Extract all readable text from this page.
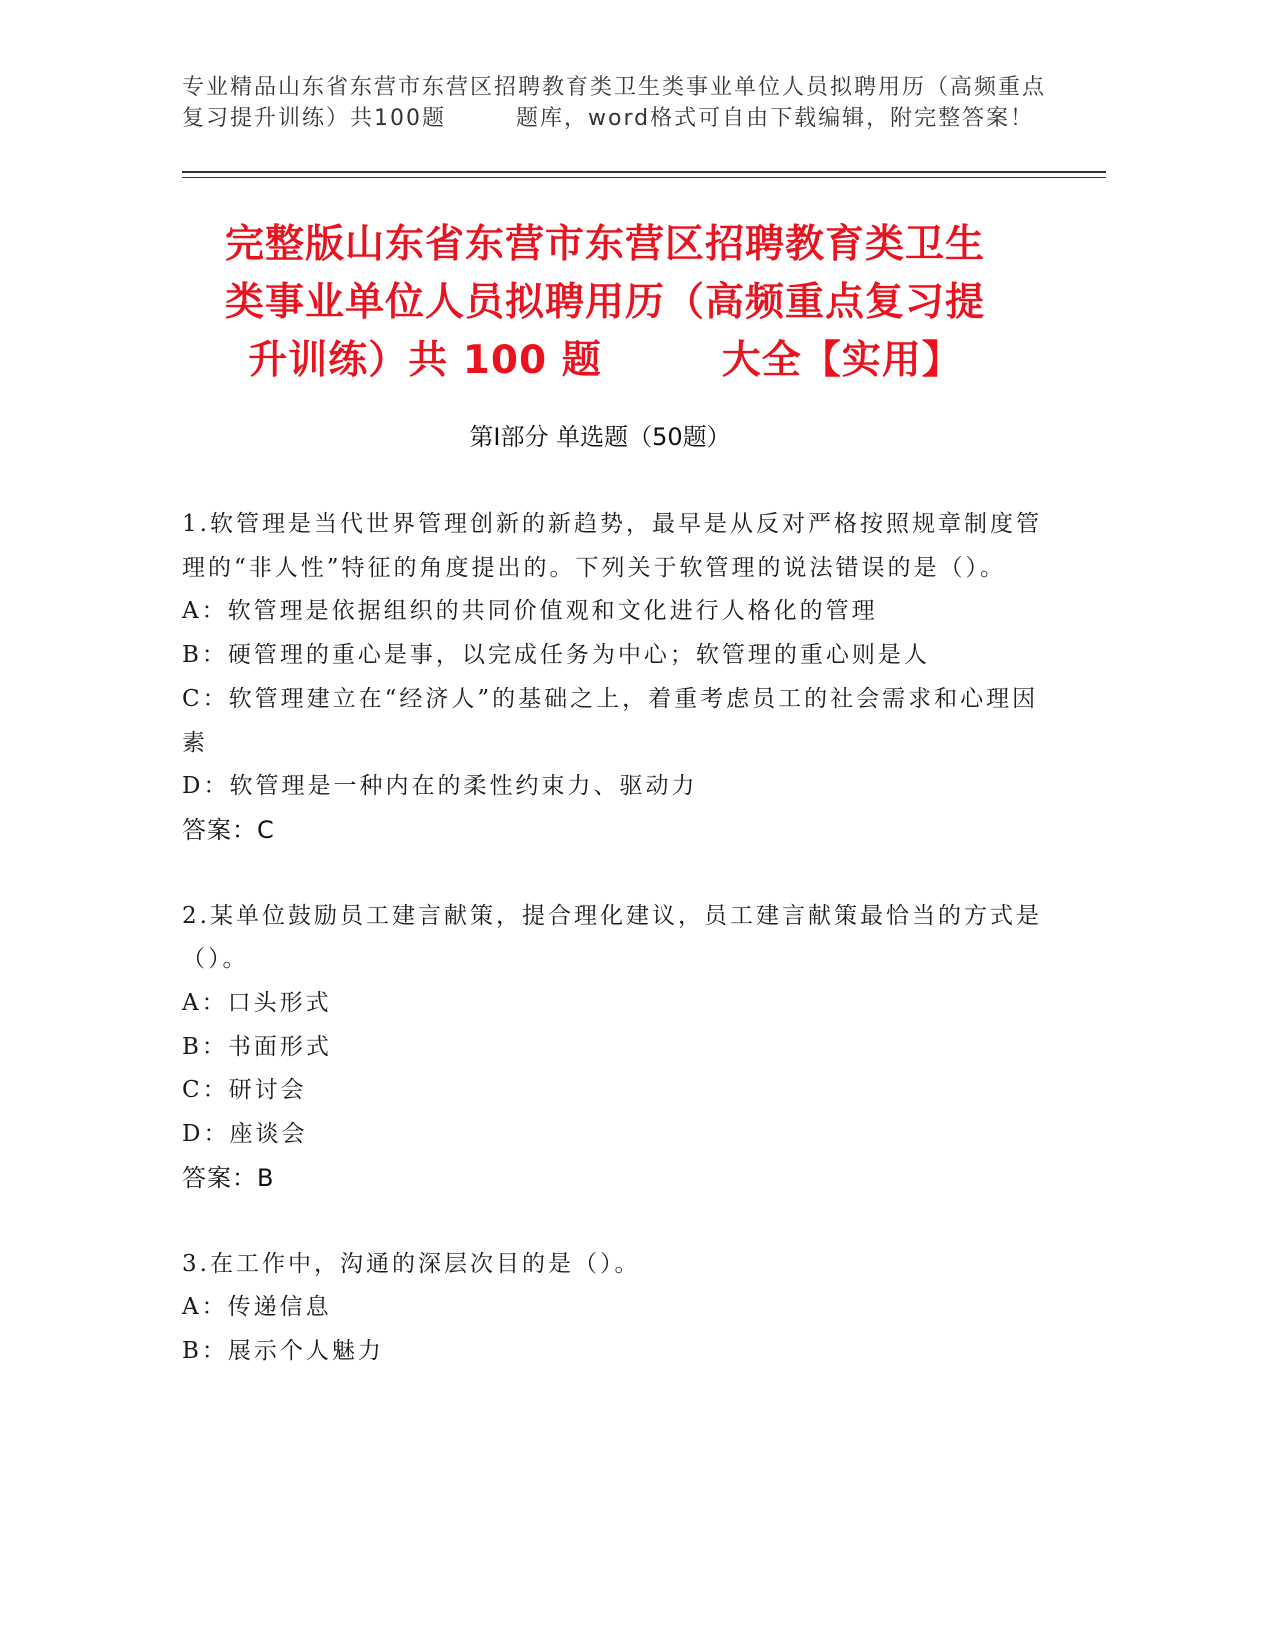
专业精品山东省东营市东营区招聘教育类卫生类事业单位人员拟聘用历（高频重点
复习提升训练）共100题	题库，word格式可自由下载编辑，附完整答案！
完整版山东省东营市东营区招聘教育类卫生
类事业单位人员拟聘用历（高频重点复习提
升训练）共 100 题	大全【实用】
第Ⅰ部分 单选题（50题）
1.软管理是当代世界管理创新的新趋势，最早是从反对严格按照规章制度管理的“非人性”特征的角度提出的。下列关于软管理的说法错误的是（）。
A：软管理是依据组织的共同价值观和文化进行人格化的管理
B：硬管理的重心是事，以完成任务为中心；软管理的重心则是人
C：软管理建立在“经济人”的基础之上，着重考虑员工的社会需求和心理因素
D：软管理是一种内在的柔性约束力、驱动力
答案：C
2.某单位鼓励员工建言献策，提合理化建议，员工建言献策最恰当的方式是（）。
A：口头形式
B：书面形式
C：研讨会
D：座谈会
答案：B
3.在工作中，沟通的深层次目的是（）。
A：传递信息
B：展示个人魅力
